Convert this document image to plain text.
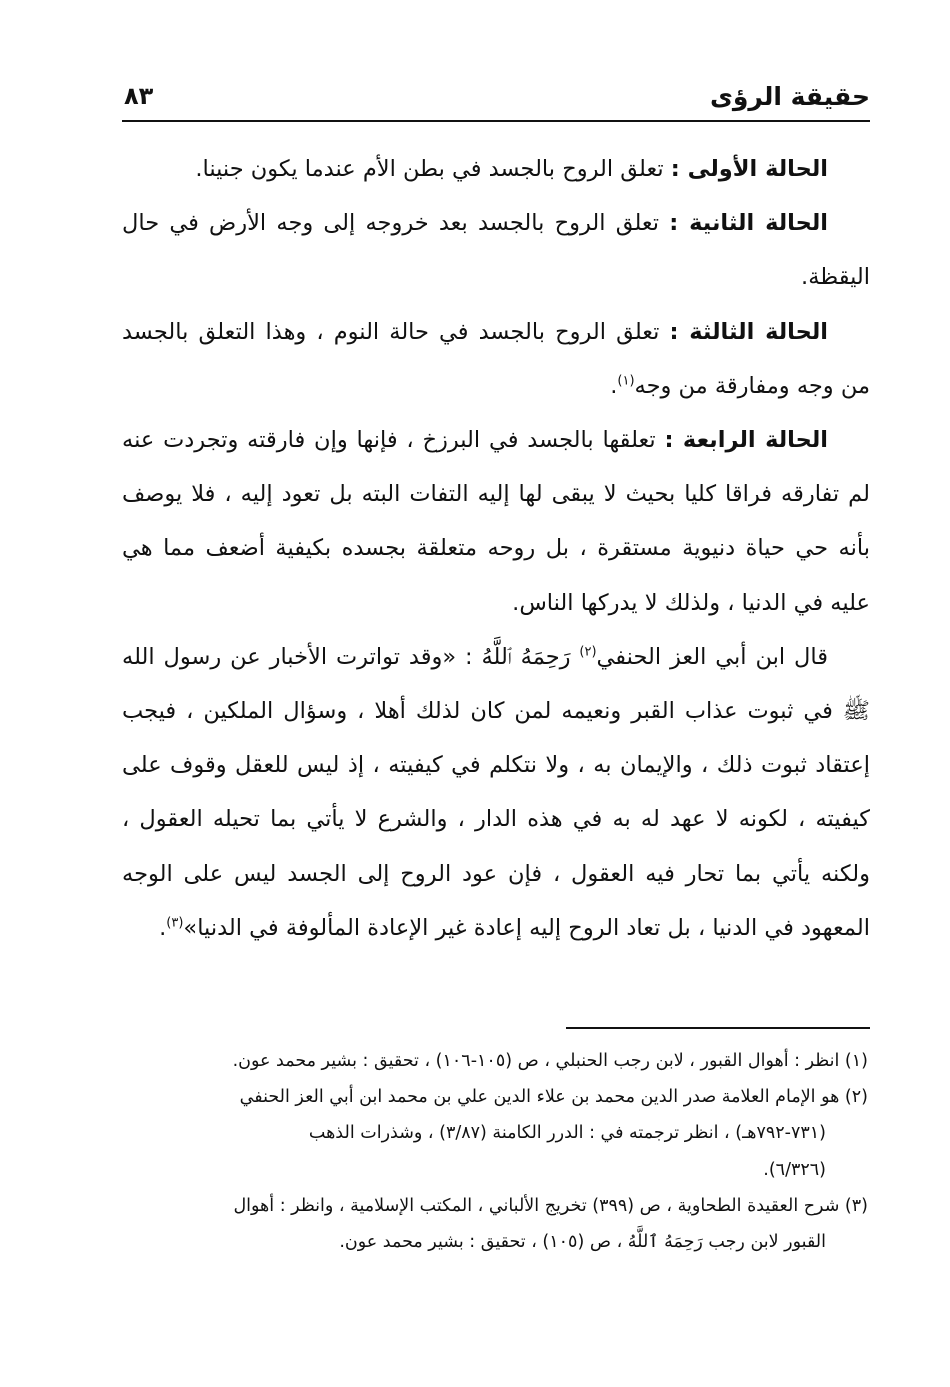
حقيقة الرؤى
٨٣

الحالة الأولى : تعلق الروح بالجسد في بطن الأم عندما يكون جنينا.

الحالة الثانية : تعلق الروح بالجسد بعد خروجه إلى وجه الأرض في حال اليقظة.

الحالة الثالثة : تعلق الروح بالجسد في حالة النوم ، وهذا التعلق بالجسد من وجه ومفارقة من وجه$^{(١)}$.

الحالة الرابعة : تعلقها بالجسد في البرزخ ، فإنها وإن فارقته وتجردت عنه لم تفارقه فراقا كليا بحيث لا يبقى لها إليه التفات البته بل تعود إليه ، فلا يوصف بأنه حي حياة دنيوية مستقرة ، بل روحه متعلقة بجسده بكيفية أضعف مما هي عليه في الدنيا ، ولذلك لا يدركها الناس.

قال ابن أبي العز الحنفي$^{(٢)}$ رَحِمَهُ ٱللَّهُ : «وقد تواترت الأخبار عن رسول الله ﷺ في ثبوت عذاب القبر ونعيمه لمن كان لذلك أهلا ، وسؤال الملكين ، فيجب إعتقاد ثبوت ذلك ، والإيمان به ، ولا نتكلم في كيفيته ، إذ ليس للعقل وقوف على كيفيته ، لكونه لا عهد له به في هذه الدار ، والشرع لا يأتي بما تحيله العقول ، ولكنه يأتي بما تحار فيه العقول ، فإن عود الروح إلى الجسد ليس على الوجه المعهود في الدنيا ، بل تعاد الروح إليه إعادة غير الإعادة المألوفة في الدنيا»$^{(٣)}$.

(١) انظر : أهوال القبور ، لابن رجب الحنبلي ، ص (١٠٥-١٠٦) ، تحقيق : بشير محمد عون.

(٢) هو الإمام العلامة صدر الدين محمد بن علاء الدين علي بن محمد ابن أبي العز الحنفي

(٧٣١-٧٩٢هـ) ، انظر ترجمته في : الدرر الكامنة (٣/٨٧) ، وشذرات الذهب

(٦/٣٢٦).

(٣) شرح العقيدة الطحاوية ، ص (٣٩٩) تخريج الألباني ، المكتب الإسلامية ، وانظر : أهوال

القبور لابن رجب رَحِمَهُ ٱللَّهُ ، ص (١٠٥) ، تحقيق : بشير محمد عون.
